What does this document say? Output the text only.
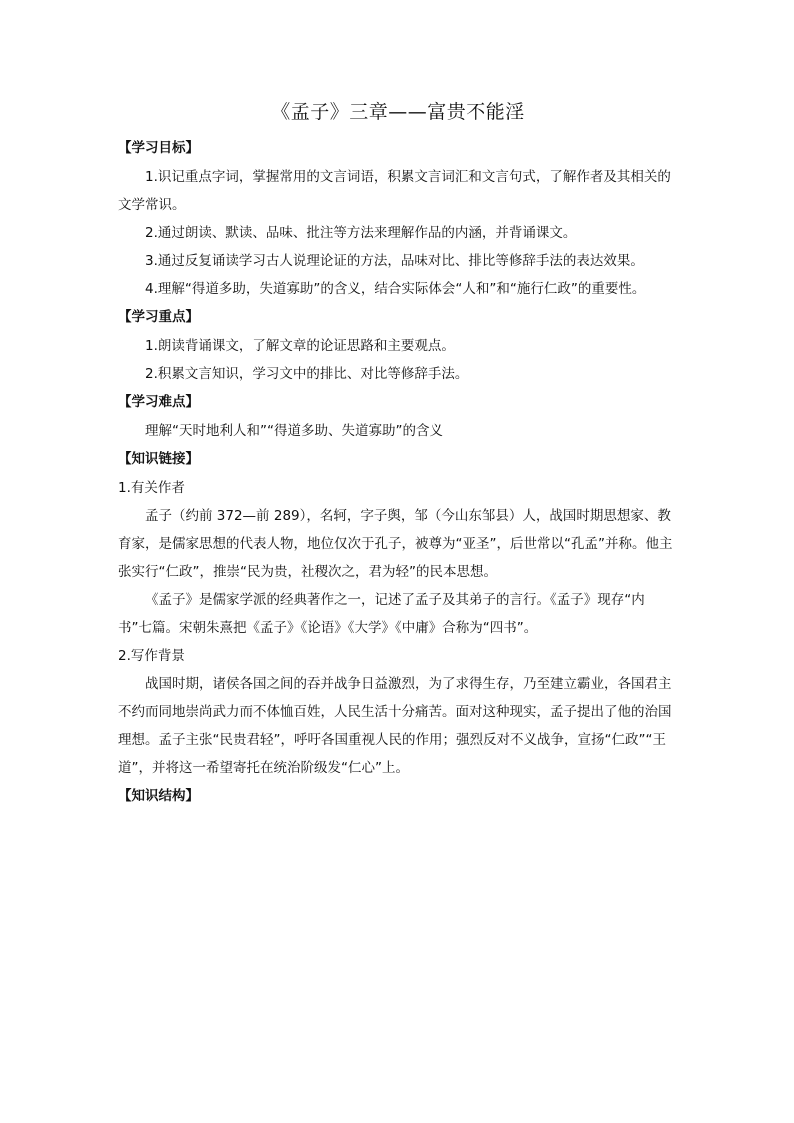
《孟子》三章——富贵不能淫
【学习目标】

1.识记重点字词，掌握常用的文言词语，积累文言词汇和文言句式，了解作者及其相关的文学常识。

2.通过朗读、默读、品味、批注等方法来理解作品的内涵，并背诵课文。

3.通过反复诵读学习古人说理论证的方法，品味对比、排比等修辞手法的表达效果。

4.理解“得道多助，失道寡助”的含义，结合实际体会“人和”和“施行仁政”的重要性。

【学习重点】

1.朗读背诵课文，了解文章的论证思路和主要观点。

2.积累文言知识，学习文中的排比、对比等修辞手法。

【学习难点】

理解“天时地利人和”“得道多助、失道寡助”的含义

【知识链接】

1.有关作者

孟子（约前 372—前 289），名轲，字子舆，邹（今山东邹县）人，战国时期思想家、教育家，是儒家思想的代表人物，地位仅次于孔子，被尊为“亚圣”，后世常以“孔孟”并称。他主张实行“仁政”，推崇“民为贵，社稷次之，君为轻”的民本思想。

《孟子》是儒家学派的经典著作之一，记述了孟子及其弟子的言行。《孟子》现存“内书”七篇。宋朝朱熹把《孟子》《论语》《大学》《中庸》合称为“四书”。

2.写作背景

战国时期，诸侯各国之间的吞并战争日益激烈，为了求得生存，乃至建立霸业，各国君主不约而同地崇尚武力而不体恤百姓，人民生活十分痛苦。面对这种现实，孟子提出了他的治国理想。孟子主张“民贵君轻”，呼吁各国重视人民的作用；强烈反对不义战争，宣扬“仁政”“王道”，并将这一希望寄托在统治阶级发“仁心”上。

【知识结构】
